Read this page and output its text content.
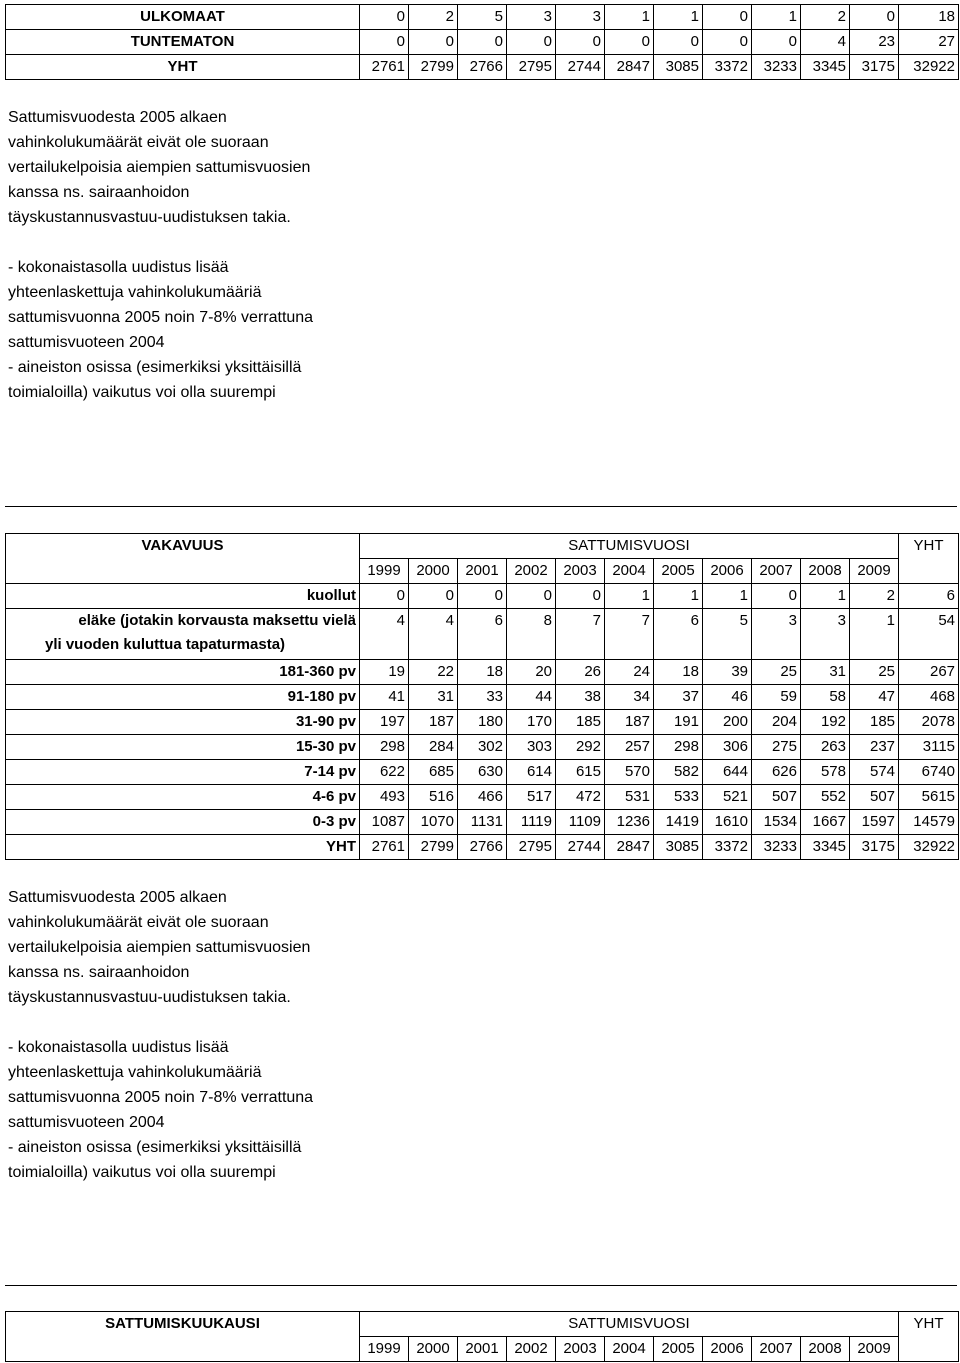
ULKOMAAT	0	2	5	3	3	1	1	0	1	2	0	18
TUNTEMATON	0	0	0	0	0	0	0	0	0	4	23	27
YHT	2761	2799	2766	2795	2744	2847	3085	3372	3233	3345	3175	32922

Sattumisvuodesta 2005 alkaen

vahinkolukumäärät eivät ole suoraan

vertailukelpoisia aiempien sattumisvuosien

kanssa ns. sairaanhoidon

täyskustannusvastuu-uudistuksen takia.

- kokonaistasolla uudistus lisää

yhteenlaskettuja vahinkolukumääriä

sattumisvuonna 2005 noin 7-8% verrattuna

sattumisvuoteen 2004

- aineiston osissa (esimerkiksi yksittäisillä

toimialoilla) vaikutus voi olla suurempi

VAKAVUUS	SATTUMISVUOSI											YHT
	1999	2000	2001	2002	2003	2004	2005	2006	2007	2008	2009	
kuollut	0	0	0	0	0	1	1	1	0	1	2	6

eläke (jotakin korvausta maksettu vielä
yli vuoden kuluttua tapaturmasta)	4	4	6	8	7	7	6	5	3	3	1	54
181-360 pv	19	22	18	20	26	24	18	39	25	31	25	267
91-180 pv	41	31	33	44	38	34	37	46	59	58	47	468
31-90 pv	197	187	180	170	185	187	191	200	204	192	185	2078
15-30 pv	298	284	302	303	292	257	298	306	275	263	237	3115
7-14 pv	622	685	630	614	615	570	582	644	626	578	574	6740
4-6 pv	493	516	466	517	472	531	533	521	507	552	507	5615
0-3 pv	1087	1070	1131	1119	1109	1236	1419	1610	1534	1667	1597	14579
YHT	2761	2799	2766	2795	2744	2847	3085	3372	3233	3345	3175	32922

Sattumisvuodesta 2005 alkaen

vahinkolukumäärät eivät ole suoraan

vertailukelpoisia aiempien sattumisvuosien

kanssa ns. sairaanhoidon

täyskustannusvastuu-uudistuksen takia.

- kokonaistasolla uudistus lisää

yhteenlaskettuja vahinkolukumääriä

sattumisvuonna 2005 noin 7-8% verrattuna

sattumisvuoteen 2004

- aineiston osissa (esimerkiksi yksittäisillä

toimialoilla) vaikutus voi olla suurempi

SATTUMISKUUKAUSI	SATTUMISVUOSI											YHT
	1999	2000	2001	2002	2003	2004	2005	2006	2007	2008	2009	
